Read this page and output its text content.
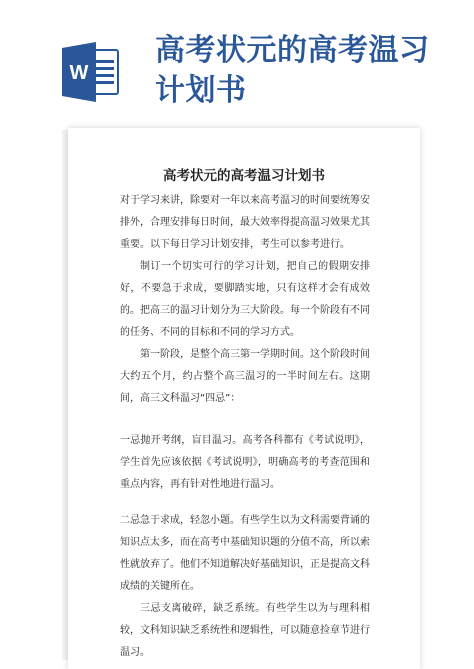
W
高考状元的高考温习计划书
高考状元的高考温习计划书

对于学习来讲，除要对一年以来高考温习的时间要统筹安排外，合理安排每日时间，最大效率得提高温习效果尤其重要。以下每日学习计划安排，考生可以参考进行。

制订一个切实可行的学习计划，把自己的假期安排好，不要急于求成，要脚踏实地，只有这样才会有成效的。 把高三的温习计划分为三大阶段。每一个阶段有不同的任务、不同的目标和不同的学习方式。

第一阶段，是整个高三第一学期时间。这个阶段时间大约五个月，约占整个高三温习的一半时间左右。这期间，高三文科温习“四忌”：

一忌抛开考纲，盲目温习。高考各科都有《考试说明》，学生首先应该依据《考试说明》，明确高考的考查范围和重点内容，再有针对性地进行温习。

二忌急于求成，轻忽小题。有些学生以为文科需要背诵的知识点太多，而在高考中基础知识题的分值不高，所以索性就放弃了。他们不知道解决好基础知识，正是提高文科成绩的关键所在。

三忌支离破碎，缺乏系统。有些学生以为与理科相较，文科知识缺乏系统性和逻辑性，可以随意捡章节进行温习。
